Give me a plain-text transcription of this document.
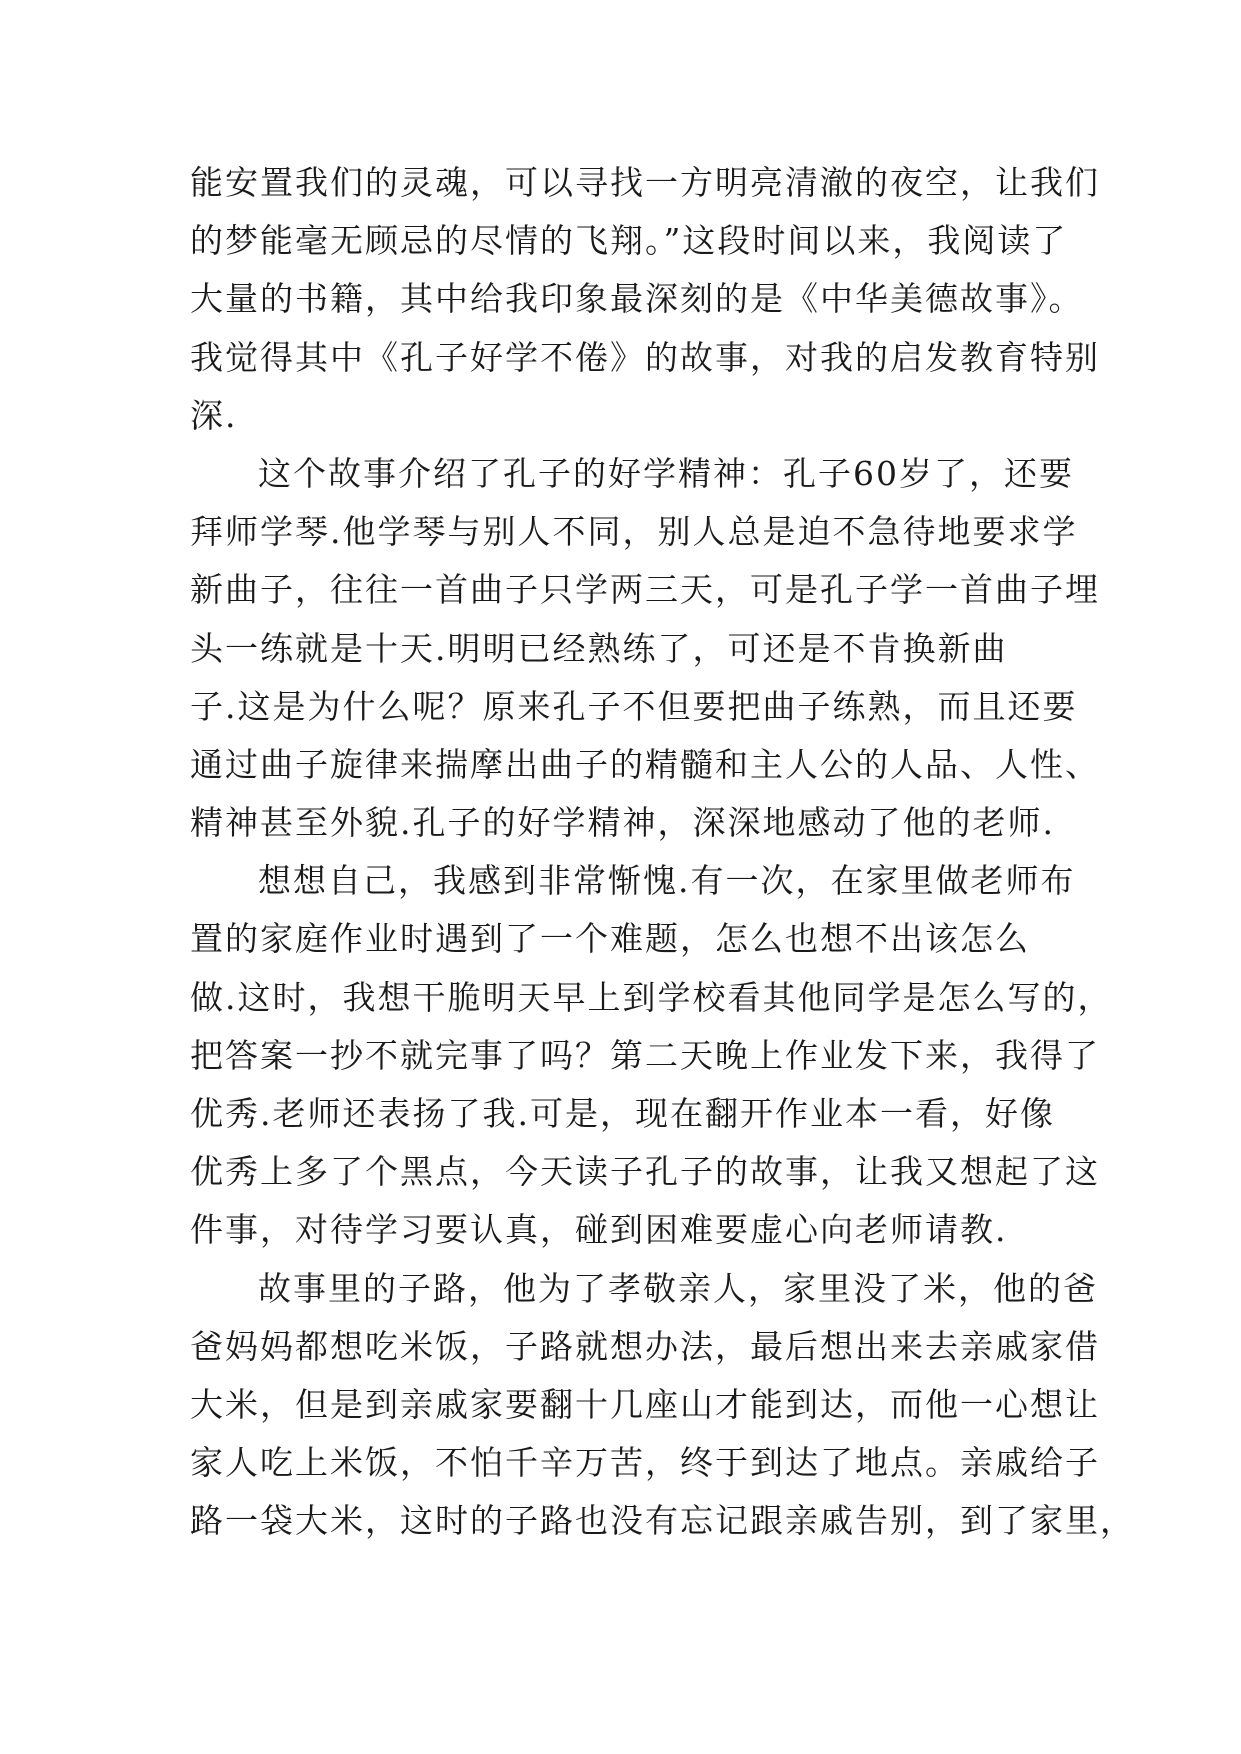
能安置我们的灵魂，可以寻找一方明亮清澈的夜空，让我们
的梦能毫无顾忌的尽情的飞翔。”这段时间以来，我阅读了
大量的书籍，其中给我印象最深刻的是《中华美德故事》。
我觉得其中《孔子好学不倦》的故事，对我的启发教育特别
深.
这个故事介绍了孔子的好学精神：孔子60岁了，还要
拜师学琴.他学琴与别人不同，别人总是迫不急待地要求学
新曲子，往往一首曲子只学两三天，可是孔子学一首曲子埋
头一练就是十天.明明已经熟练了，可还是不肯换新曲
子.这是为什么呢？原来孔子不但要把曲子练熟，而且还要
通过曲子旋律来揣摩出曲子的精髓和主人公的人品、人性、
精神甚至外貌.孔子的好学精神，深深地感动了他的老师.
想想自己，我感到非常惭愧.有一次，在家里做老师布
置的家庭作业时遇到了一个难题，怎么也想不出该怎么
做.这时，我想干脆明天早上到学校看其他同学是怎么写的，
把答案一抄不就完事了吗？第二天晚上作业发下来，我得了
优秀.老师还表扬了我.可是，现在翻开作业本一看，好像
优秀上多了个黑点，今天读子孔子的故事，让我又想起了这
件事，对待学习要认真，碰到困难要虚心向老师请教.
故事里的子路，他为了孝敬亲人，家里没了米，他的爸
爸妈妈都想吃米饭，子路就想办法，最后想出来去亲戚家借
大米，但是到亲戚家要翻十几座山才能到达，而他一心想让
家人吃上米饭，不怕千辛万苦，终于到达了地点。亲戚给子
路一袋大米，这时的子路也没有忘记跟亲戚告别，到了家里，
